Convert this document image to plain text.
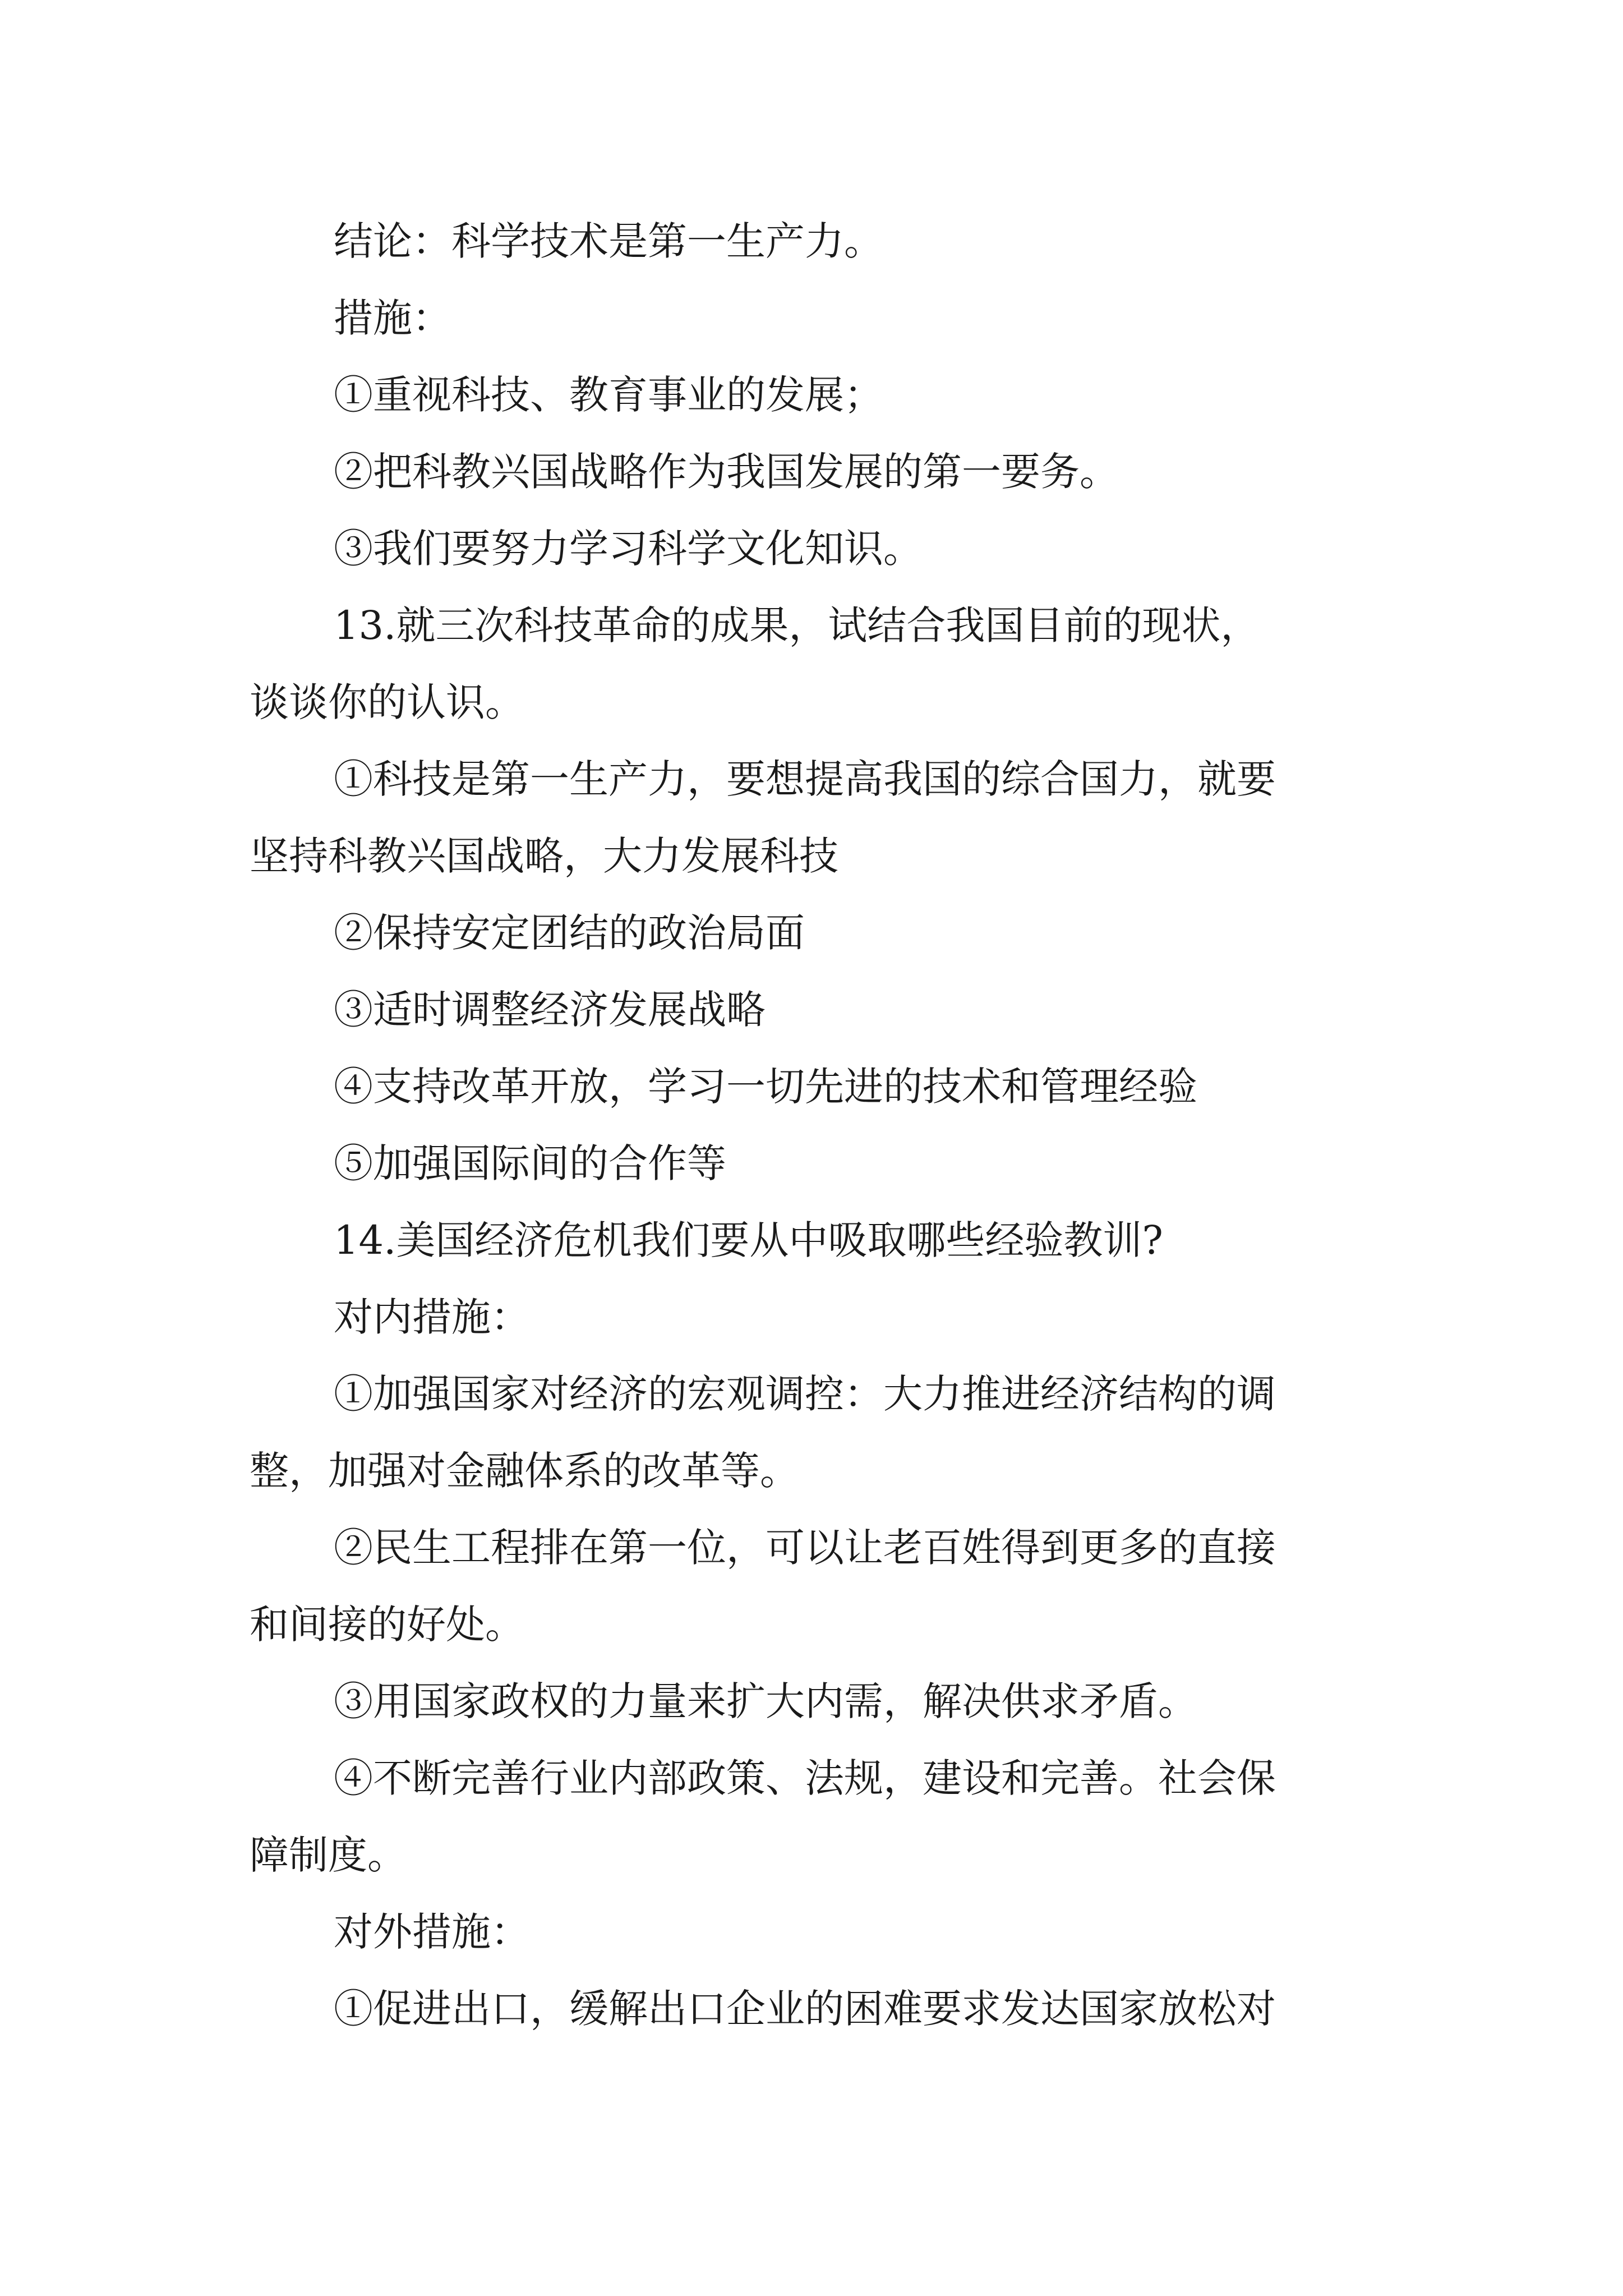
结论：科学技术是第一生产力。
措施：
①重视科技、教育事业的发展；
②把科教兴国战略作为我国发展的第一要务。
③我们要努力学习科学文化知识。
13.就三次科技革命的成果，试结合我国目前的现状，
谈谈你的认识。
①科技是第一生产力，要想提高我国的综合国力，就要
坚持科教兴国战略，大力发展科技
②保持安定团结的政治局面
③适时调整经济发展战略
④支持改革开放，学习一切先进的技术和管理经验
⑤加强国际间的合作等
14.美国经济危机我们要从中吸取哪些经验教训?
对内措施：
①加强国家对经济的宏观调控：大力推进经济结构的调
整，加强对金融体系的改革等。
②民生工程排在第一位，可以让老百姓得到更多的直接
和间接的好处。
③用国家政权的力量来扩大内需，解决供求矛盾。
④不断完善行业内部政策、法规，建设和完善。社会保
障制度。
对外措施：
①促进出口，缓解出口企业的困难要求发达国家放松对
